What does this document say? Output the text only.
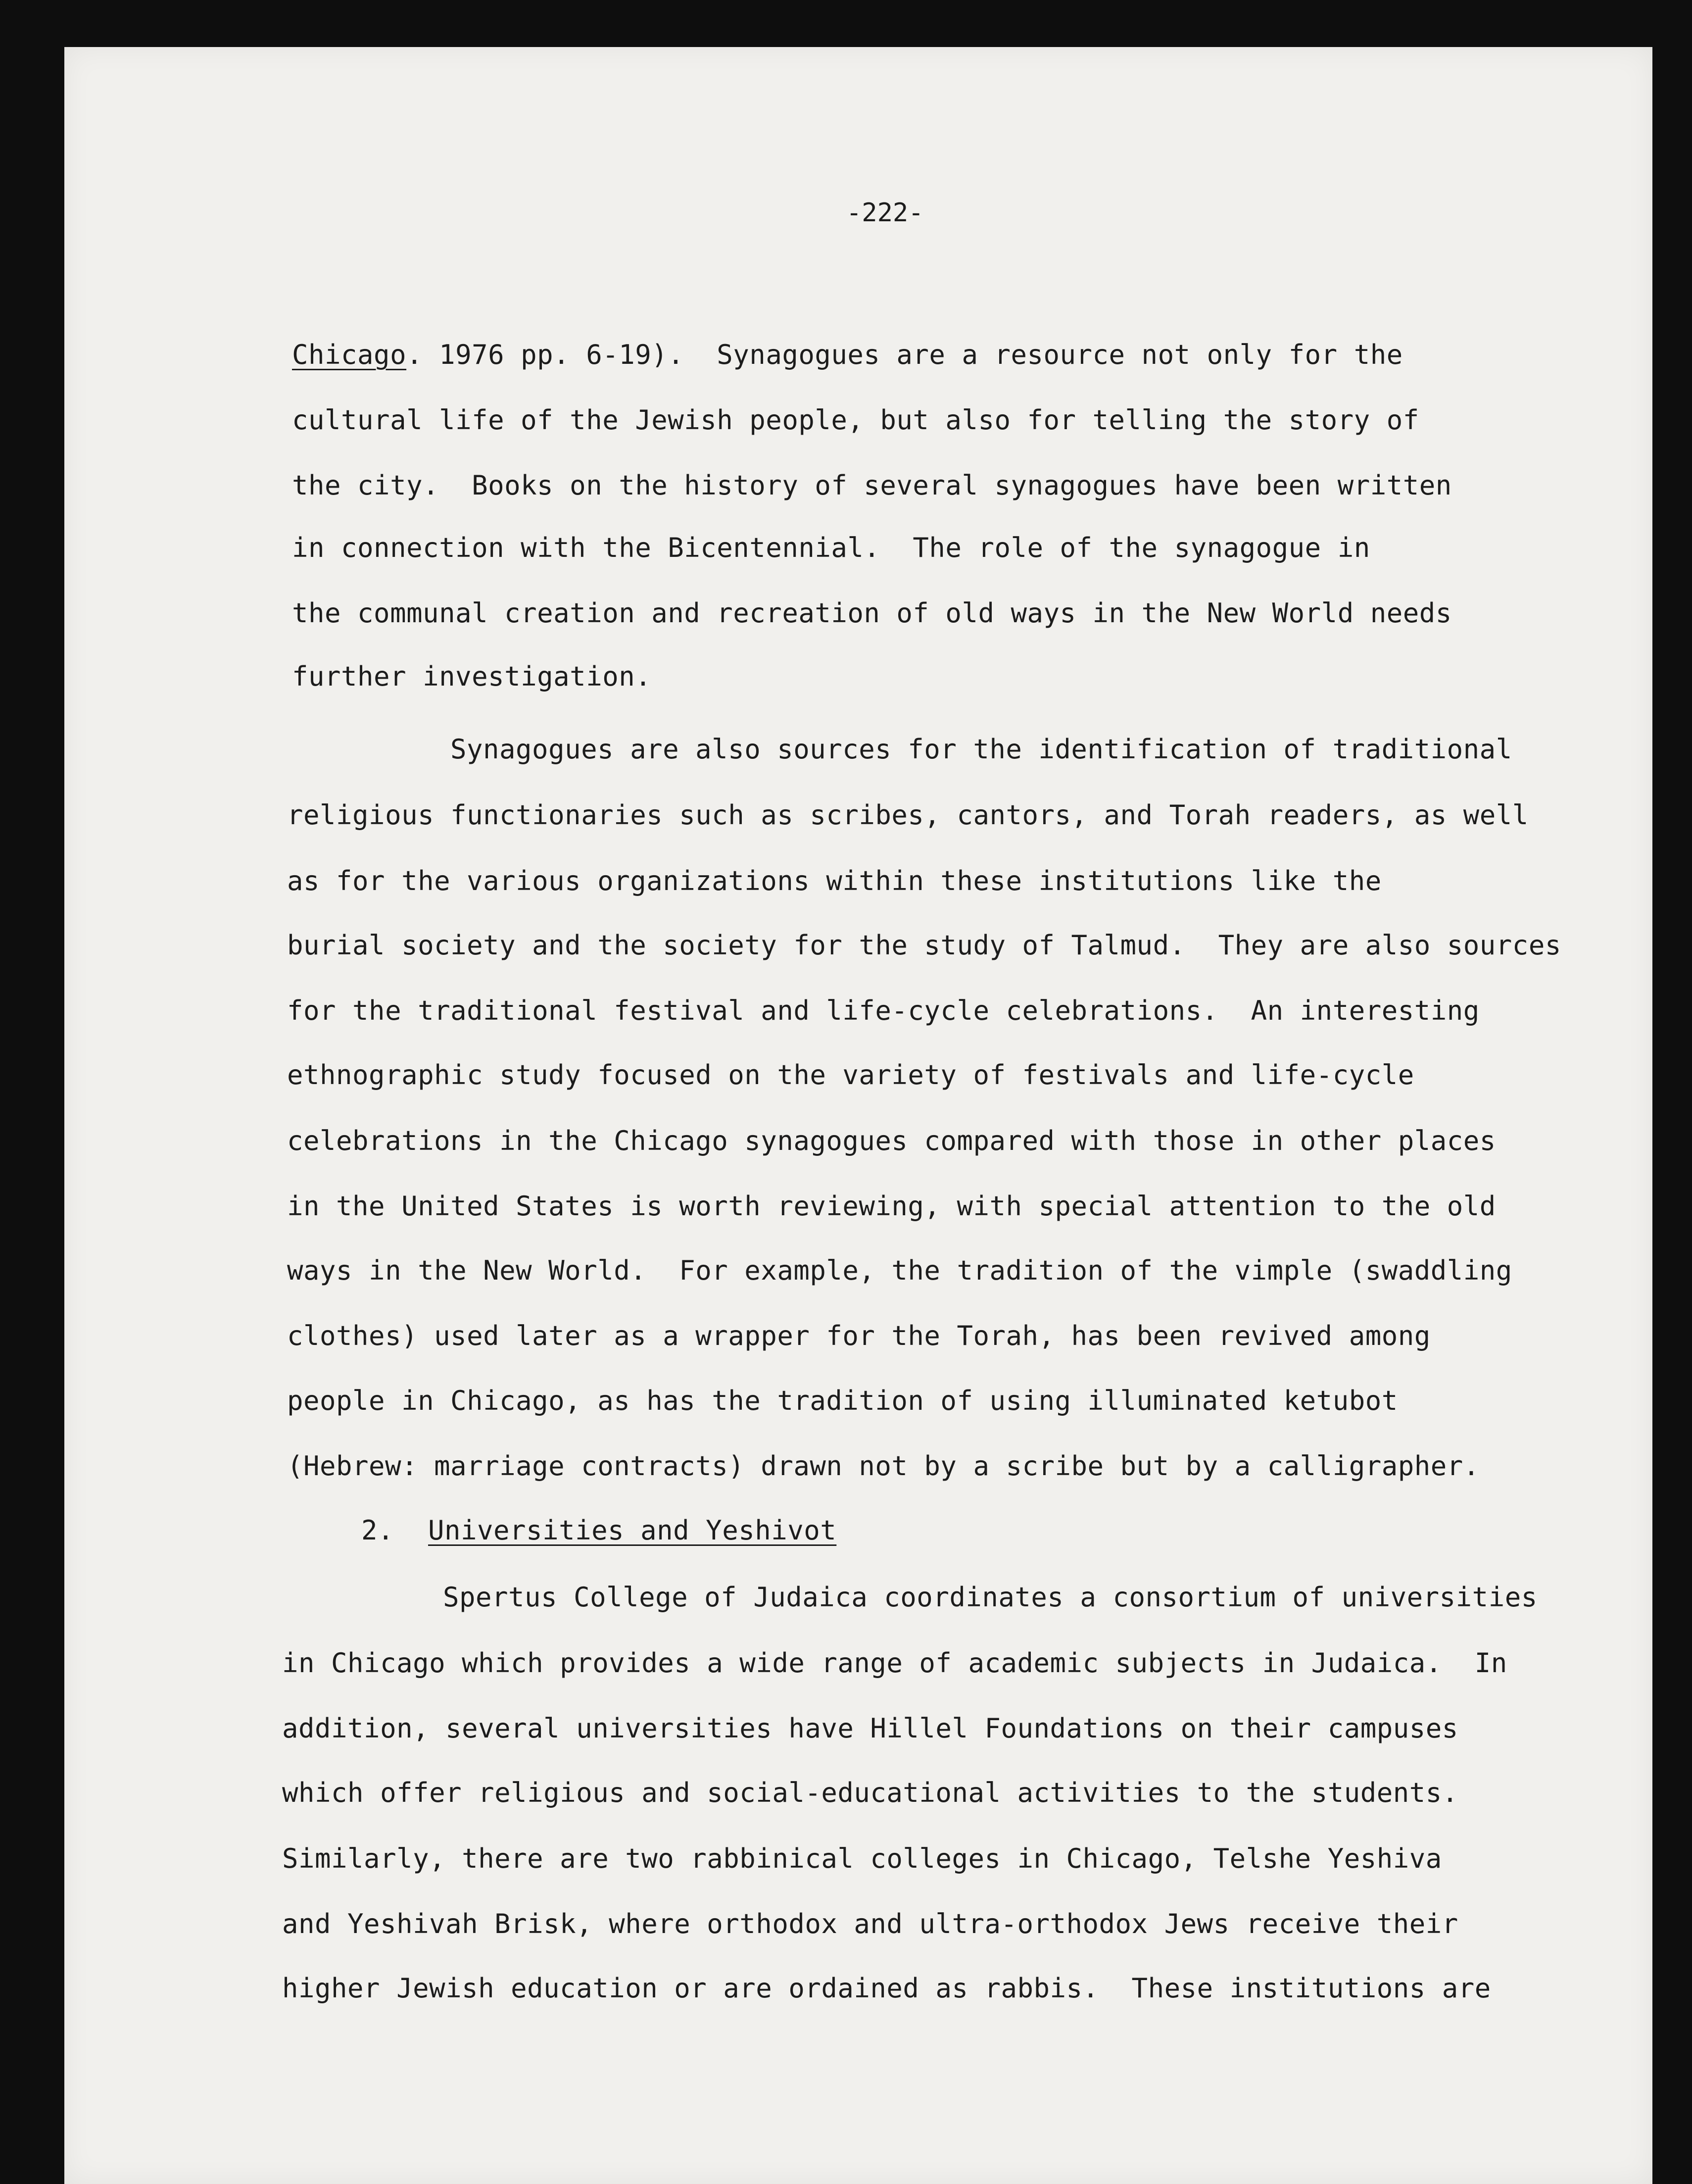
-222-
Chicago. 1976 pp. 6-19).  Synagogues are a resource not only for the
cultural life of the Jewish people, but also for telling the story of
the city.  Books on the history of several synagogues have been written
in connection with the Bicentennial.  The role of the synagogue in
the communal creation and recreation of old ways in the New World needs
further investigation.
Synagogues are also sources for the identification of traditional
religious functionaries such as scribes, cantors, and Torah readers, as well
as for the various organizations within these institutions like the
burial society and the society for the study of Talmud.  They are also sources
for the traditional festival and life-cycle celebrations.  An interesting
ethnographic study focused on the variety of festivals and life-cycle
celebrations in the Chicago synagogues compared with those in other places
in the United States is worth reviewing, with special attention to the old
ways in the New World.  For example, the tradition of the vimple (swaddling
clothes) used later as a wrapper for the Torah, has been revived among
people in Chicago, as has the tradition of using illuminated ketubot
(Hebrew: marriage contracts) drawn not by a scribe but by a calligrapher.
2. Universities and Yeshivot
Spertus College of Judaica coordinates a consortium of universities
in Chicago which provides a wide range of academic subjects in Judaica.  In
addition, several universities have Hillel Foundations on their campuses
which offer religious and social-educational activities to the students.
Similarly, there are two rabbinical colleges in Chicago, Telshe Yeshiva
and Yeshivah Brisk, where orthodox and ultra-orthodox Jews receive their
higher Jewish education or are ordained as rabbis.  These institutions are
